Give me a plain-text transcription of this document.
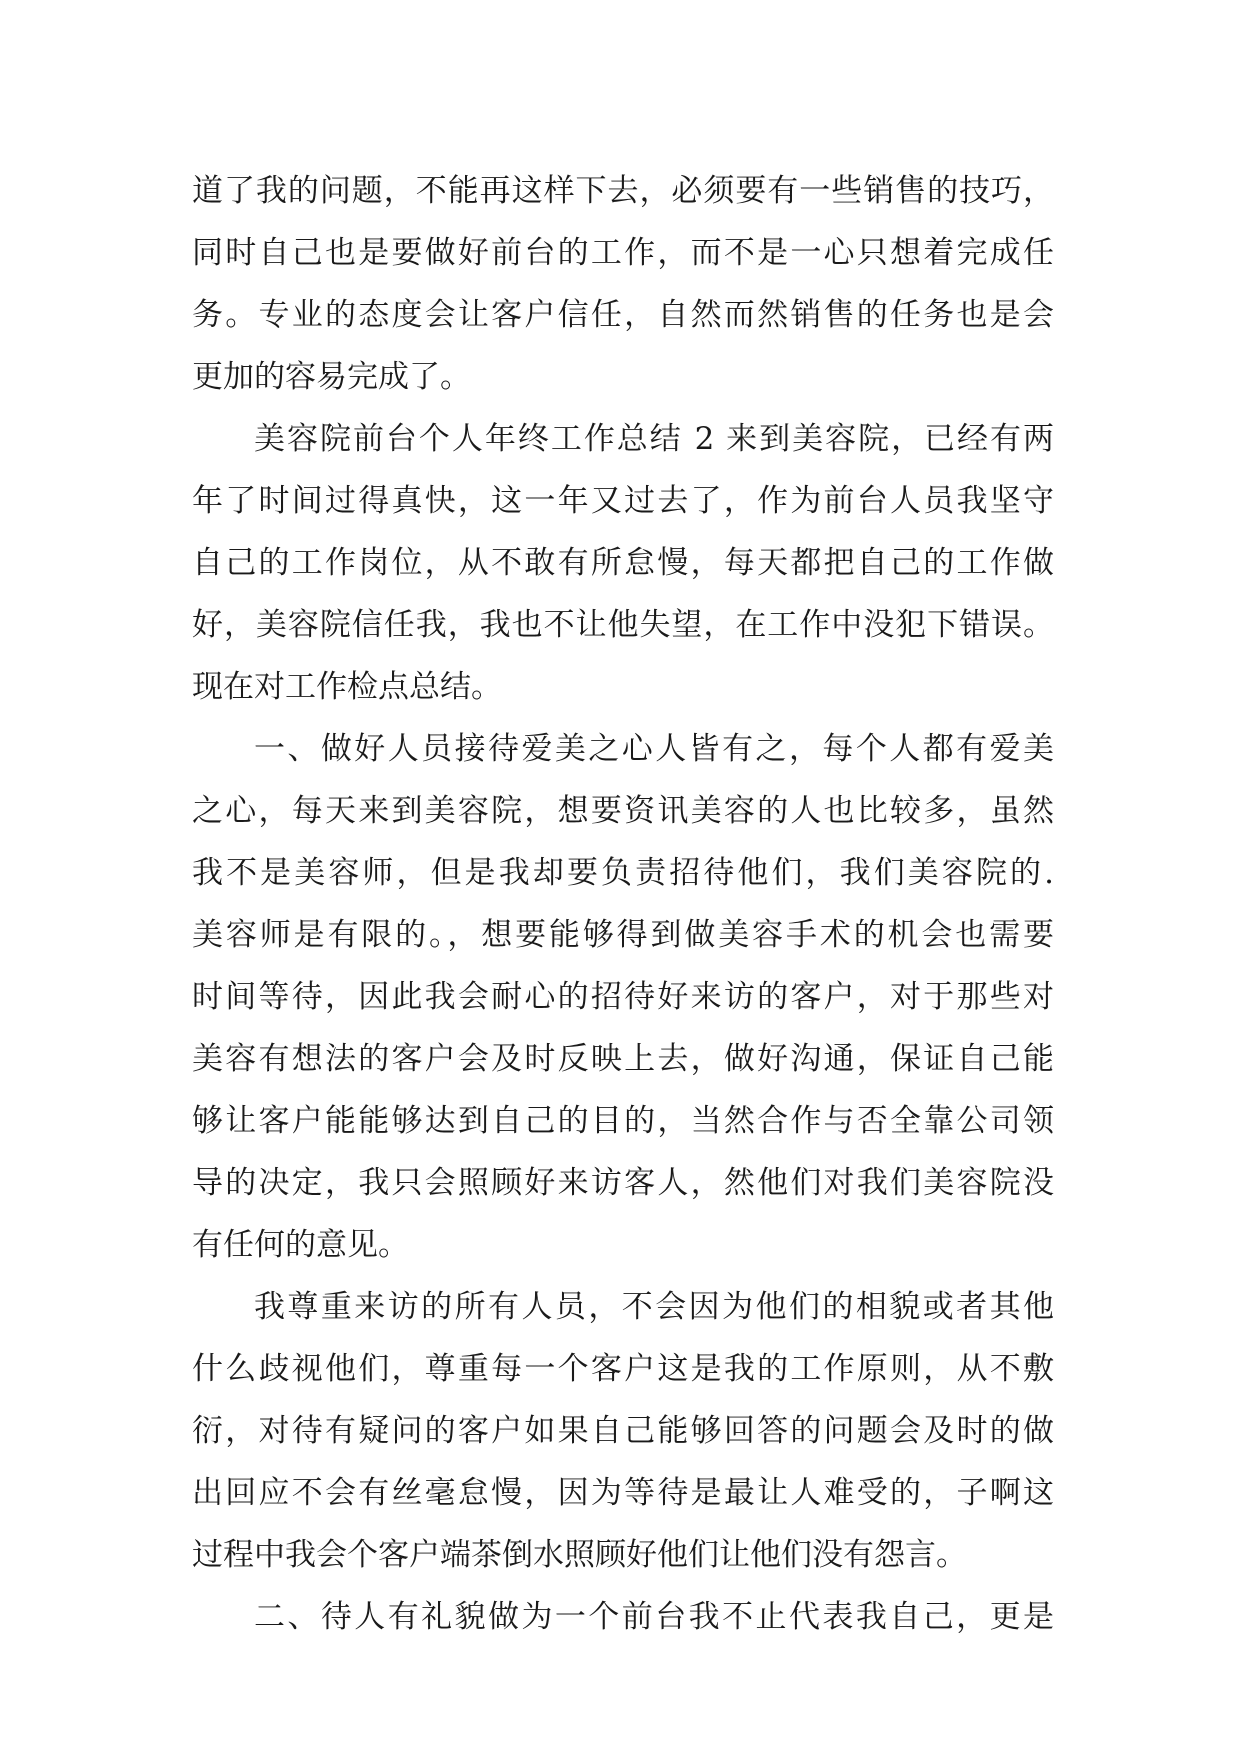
道了我的问题，不能再这样下去，必须要有一些销售的技巧，
同时自己也是要做好前台的工作，而不是一心只想着完成任
务。专业的态度会让客户信任，自然而然销售的任务也是会
更加的容易完成了。
美容院前台个人年终工作总结 2 来到美容院，已经有两
年了时间过得真快，这一年又过去了，作为前台人员我坚守
自己的工作岗位，从不敢有所怠慢，每天都把自己的工作做
好，美容院信任我，我也不让他失望，在工作中没犯下错误。
现在对工作检点总结。
一、做好人员接待爱美之心人皆有之，每个人都有爱美
之心，每天来到美容院，想要资讯美容的人也比较多，虽然
我不是美容师，但是我却要负责招待他们，我们美容院的.
美容师是有限的。，想要能够得到做美容手术的机会也需要
时间等待，因此我会耐心的招待好来访的客户，对于那些对
美容有想法的客户会及时反映上去，做好沟通，保证自己能
够让客户能能够达到自己的目的，当然合作与否全靠公司领
导的决定，我只会照顾好来访客人，然他们对我们美容院没
有任何的意见。
我尊重来访的所有人员，不会因为他们的相貌或者其他
什么歧视他们，尊重每一个客户这是我的工作原则，从不敷
衍，对待有疑问的客户如果自己能够回答的问题会及时的做
出回应不会有丝毫怠慢，因为等待是最让人难受的，子啊这
过程中我会个客户端茶倒水照顾好他们让他们没有怨言。
二、待人有礼貌做为一个前台我不止代表我自己，更是
